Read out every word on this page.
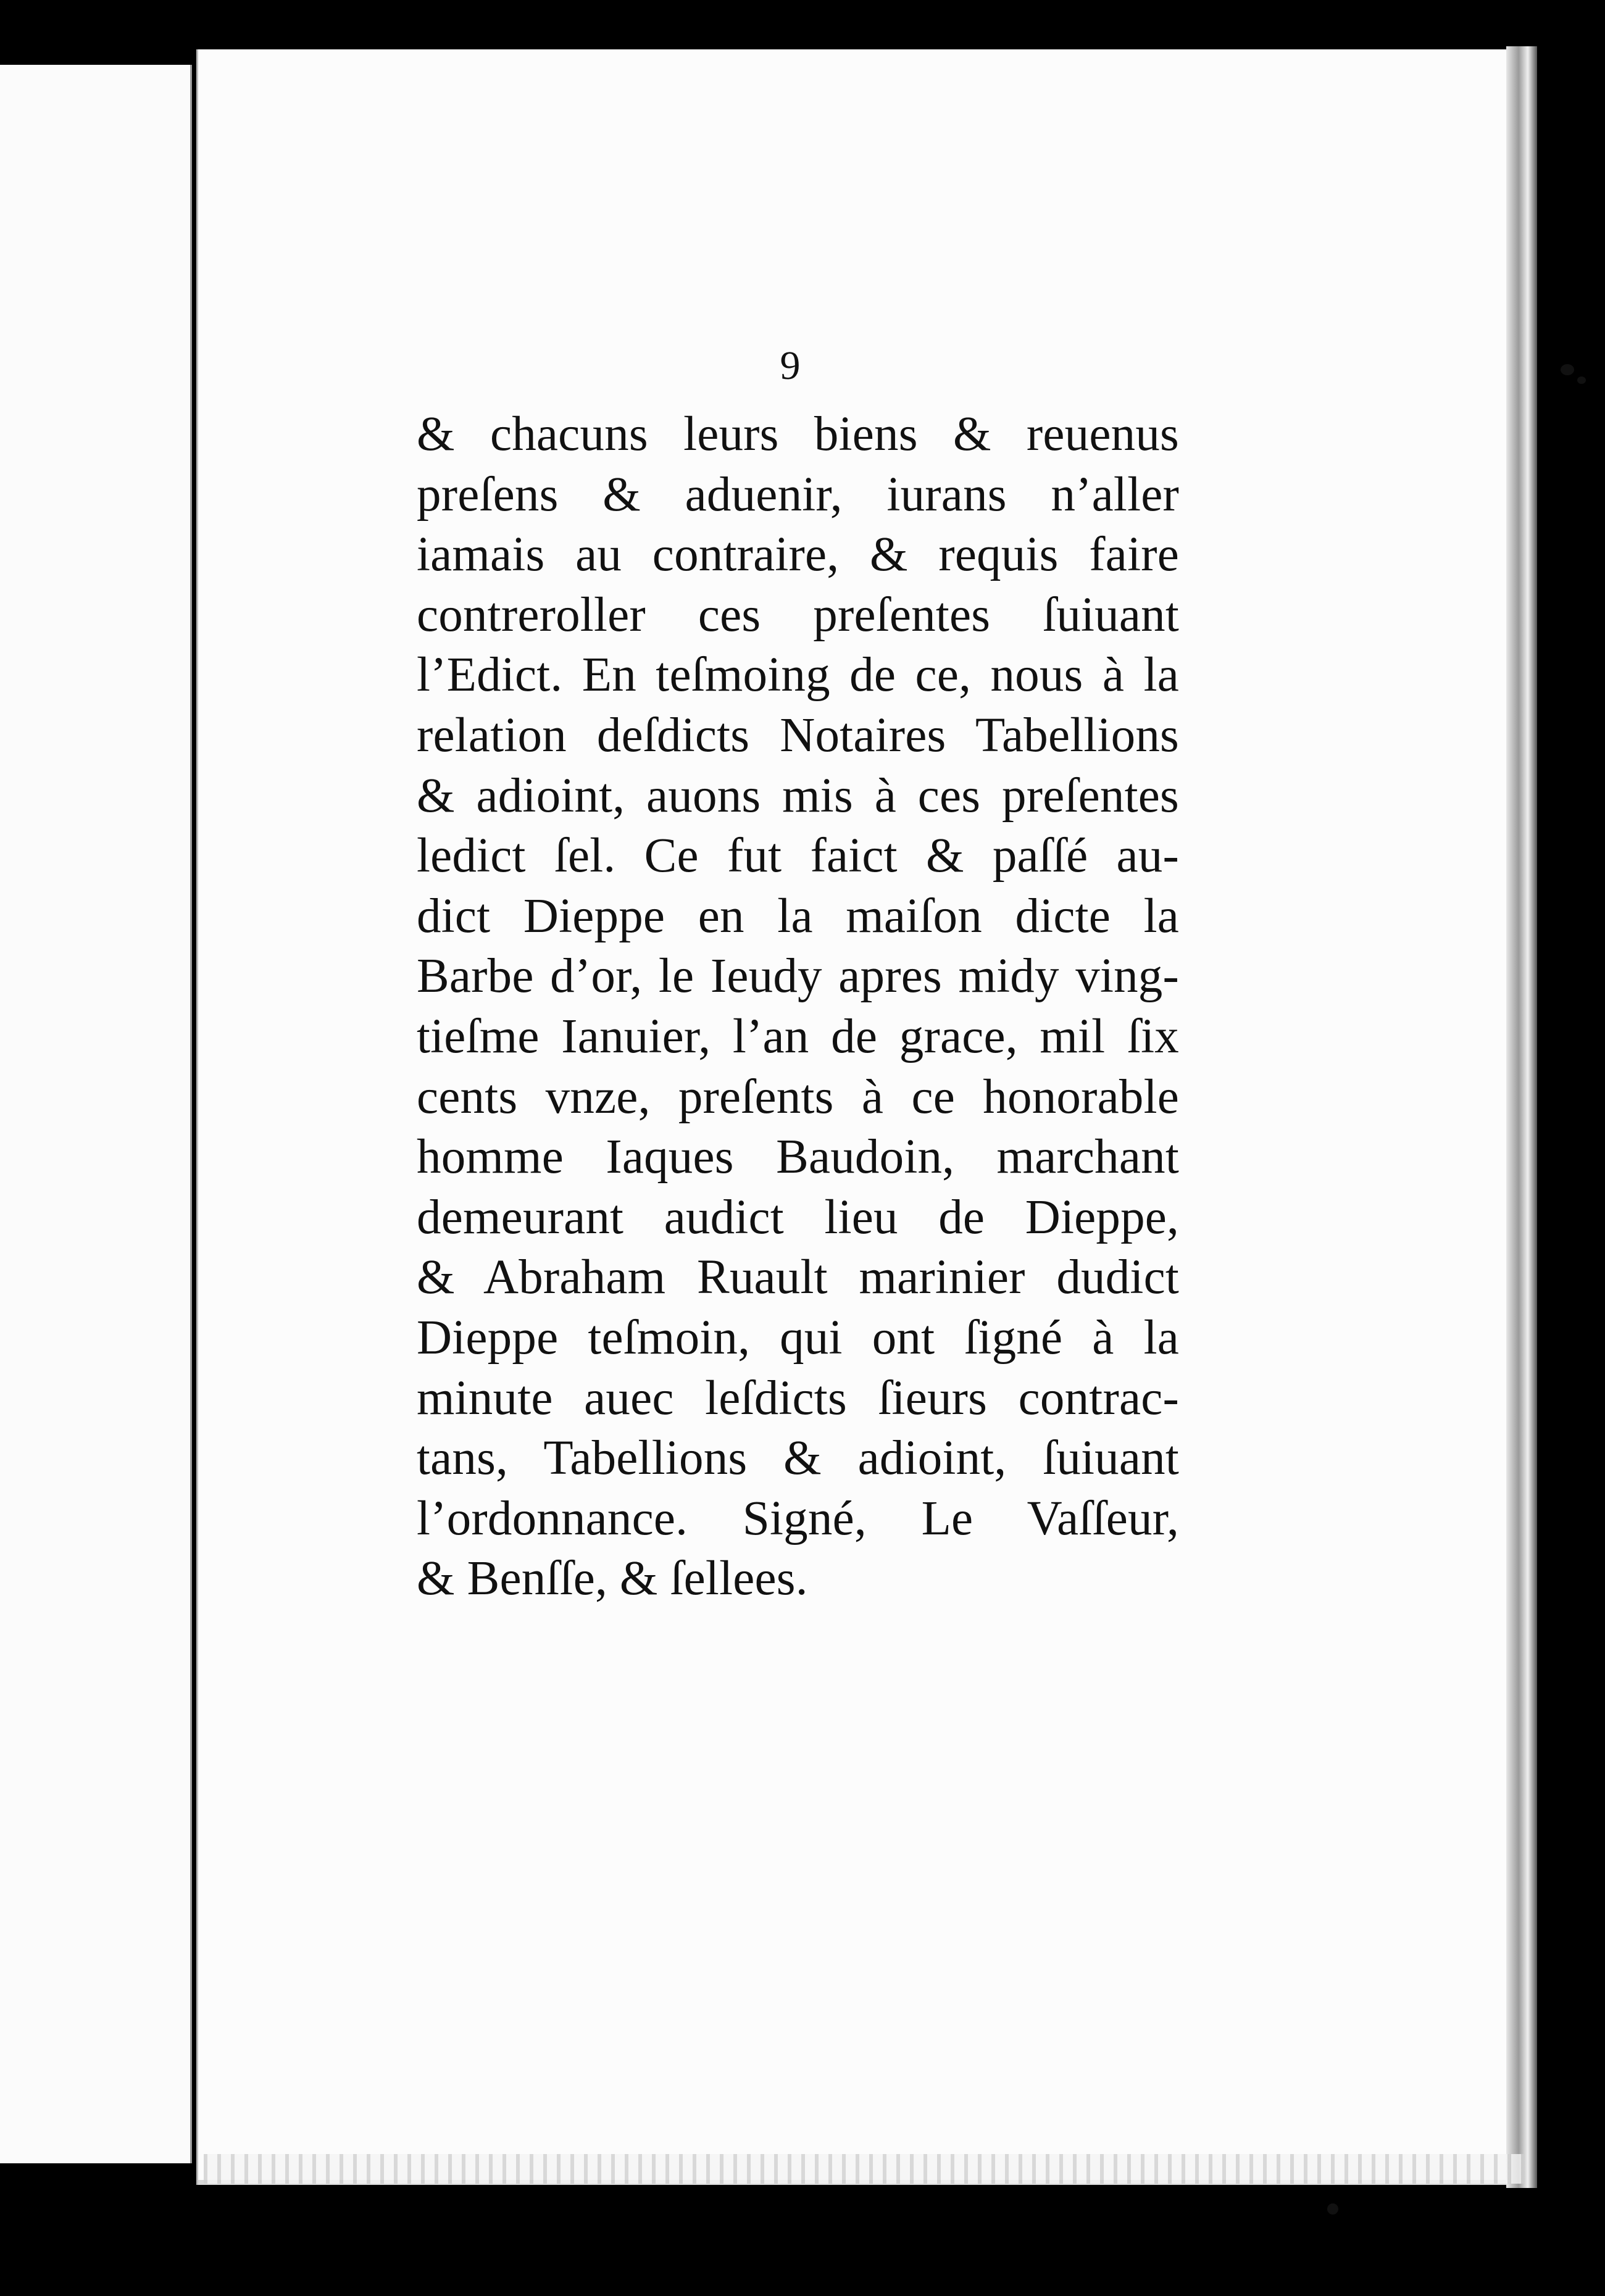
9
& chacuns leurs biens & reuenus
preſens & aduenir, iurans n’aller
iamais au contraire, & requis faire
contreroller ces preſentes ſuiuant
l’Edict. En teſmoing de ce, nous à la
relation deſdicts Notaires Tabellions
& adioint, auons mis à ces preſentes
ledict ſel. Ce fut faict & paſſé au-
dict Dieppe en la maiſon dicte la
Barbe d’or, le Ieudy apres midy ving-
tieſme Ianuier, l’an de grace, mil ſix
cents vnze, preſents à ce honorable
homme Iaques Baudoin, marchant
demeurant audict lieu de Dieppe,
& Abraham Ruault marinier dudict
Dieppe teſmoin, qui ont ſigné à la
minute auec leſdicts ſieurs contrac-
tans, Tabellions & adioint, ſuiuant
l’ordonnance. Signé, Le Vaſſeur,
& Benſſe, & ſellees.
